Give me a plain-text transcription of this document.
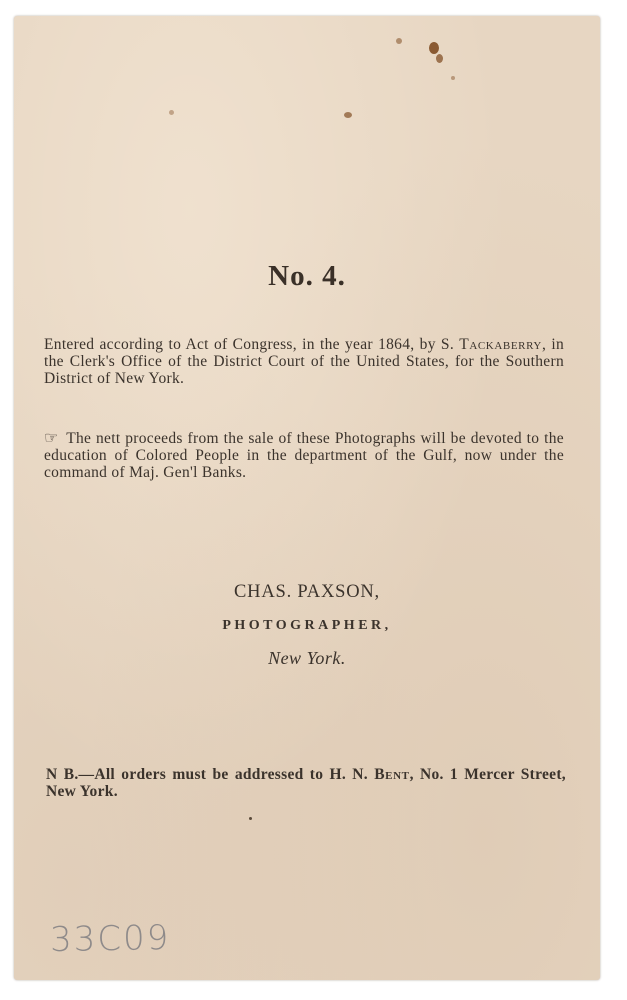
No. 4.
Entered according to Act of Congress, in the year 1864, by S. Tackaberry, in the Clerk's Office of the District Court of the United States, for the Southern District of New York.
☞ The nett proceeds from the sale of these Photographs will be devoted to the education of Colored People in the department of the Gulf, now under the command of Maj. Gen'l Banks.
CHAS. PAXSON,
PHOTOGRAPHER,
New York.
N B.—All orders must be addressed to H. N. Bent, No. 1 Mercer Street, New York.
33C09
